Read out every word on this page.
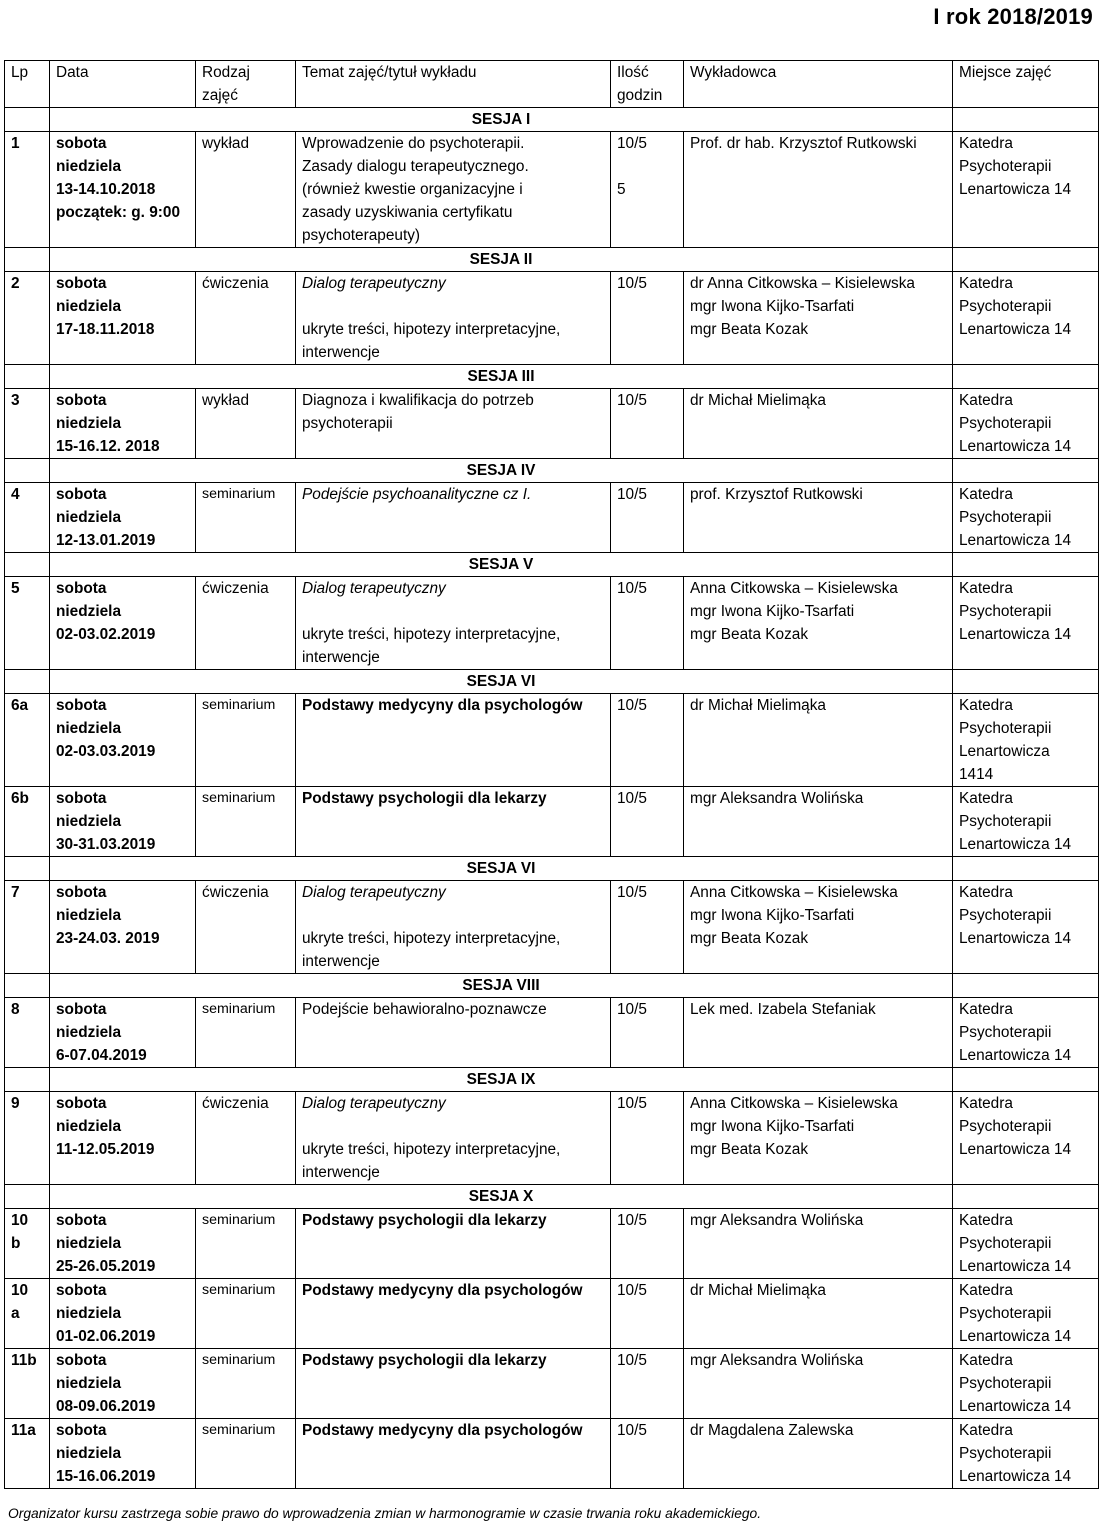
I rok 2018/2019
Lp	Data	Rodzaj
zajęć	Temat zajęć/tytuł wykładu	Ilość
godzin	Wykładowca	Miejsce zajęć
	SESJA I					

1	sobota
niedziela
13-14.10.2018
początek: g. 9:00	wykład	Wprowadzenie do psychoterapii.
Zasady dialogu terapeutycznego.
(również kwestie organizacyjne i
zasady uzyskiwania certyfikatu
psychoterapeuty)	10/5
5	Prof. dr hab. Krzysztof Rutkowski	Katedra
Psychoterapii
Lenartowicza 14

	SESJA II					

2	sobota
niedziela
17-18.11.2018	ćwiczenia	Dialog terapeutyczny
ukryte treści, hipotezy interpretacyjne,
interwencje	10/5	dr Anna Citkowska – Kisielewska
mgr Iwona Kijko-Tsarfati
mgr Beata Kozak	Katedra
Psychoterapii
Lenartowicza 14

	SESJA III					

3	sobota
niedziela
15-16.12. 2018	wykład	Diagnoza i kwalifikacja do potrzeb
psychoterapii	10/5	dr Michał Mielimąka	Katedra
Psychoterapii
Lenartowicza 14

	SESJA IV					

4	sobota
niedziela
12-13.01.2019	seminarium	Podejście psychoanalityczne cz I.	10/5	prof. Krzysztof Rutkowski	Katedra
Psychoterapii
Lenartowicza 14

	SESJA V					

5	sobota
niedziela
02-03.02.2019	ćwiczenia	Dialog terapeutyczny
ukryte treści, hipotezy interpretacyjne,
interwencje	10/5	Anna Citkowska – Kisielewska
mgr Iwona Kijko-Tsarfati
mgr Beata Kozak	Katedra
Psychoterapii
Lenartowicza 14

	SESJA VI					

6a	sobota
niedziela
02-03.03.2019	seminarium	Podstawy medycyny dla psychologów	10/5	dr Michał Mielimąka	Katedra
Psychoterapii
Lenartowicza
1414

6b	sobota
niedziela
30-31.03.2019	seminarium	Podstawy psychologii dla lekarzy	10/5	mgr Aleksandra Wolińska	Katedra
Psychoterapii
Lenartowicza 14

	SESJA VI					

7	sobota
niedziela
23-24.03. 2019	ćwiczenia	Dialog terapeutyczny
ukryte treści, hipotezy interpretacyjne,
interwencje	10/5	Anna Citkowska – Kisielewska
mgr Iwona Kijko-Tsarfati
mgr Beata Kozak	Katedra
Psychoterapii
Lenartowicza 14

	SESJA VIII					

8	sobota
niedziela
6-07.04.2019	seminarium	Podejście behawioralno-poznawcze	10/5	Lek med. Izabela Stefaniak	Katedra
Psychoterapii
Lenartowicza 14

	SESJA IX					

9	sobota
niedziela
11-12.05.2019	ćwiczenia	Dialog terapeutyczny
ukryte treści, hipotezy interpretacyjne,
interwencje	10/5	Anna Citkowska – Kisielewska
mgr Iwona Kijko-Tsarfati
mgr Beata Kozak	Katedra
Psychoterapii
Lenartowicza 14

	SESJA X					

10
b	sobota
niedziela
25-26.05.2019	seminarium	Podstawy psychologii dla lekarzy	10/5	mgr Aleksandra Wolińska	Katedra
Psychoterapii
Lenartowicza 14

10
a	sobota
niedziela
01-02.06.2019	seminarium	Podstawy medycyny dla psychologów	10/5	dr Michał Mielimąka	Katedra
Psychoterapii
Lenartowicza 14

11b	sobota
niedziela
08-09.06.2019	seminarium	Podstawy psychologii dla lekarzy	10/5	mgr Aleksandra Wolińska	Katedra
Psychoterapii
Lenartowicza 14

11a	sobota
niedziela
15-16.06.2019	seminarium	Podstawy medycyny dla psychologów	10/5	dr Magdalena Zalewska	Katedra
Psychoterapii
Lenartowicza 14
Organizator kursu zastrzega sobie prawo do wprowadzenia zmian w harmonogramie w czasie trwania roku akademickiego.
